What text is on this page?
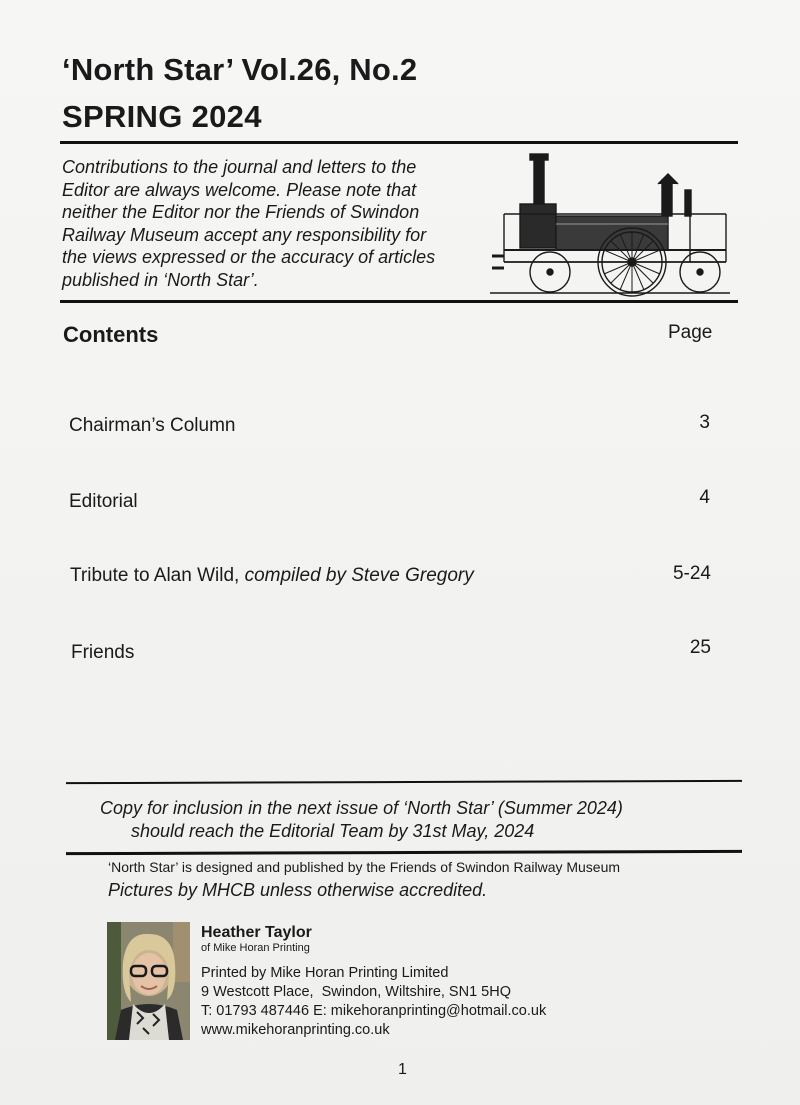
‘North Star’ Vol.26, No.2
SPRING 2024
Contributions to the journal and letters to the
Editor are always welcome. Please note that
neither the Editor nor the Friends of Swindon
Railway Museum accept any responsibility for
the views expressed or the accuracy of articles
published in ‘North Star’.
Contents	Page
Chairman’s Column	3
Editorial	4
Tribute to Alan Wild, compiled by Steve Gregory	5-24
Friends	25
Copy for inclusion in the next issue of ‘North Star’ (Summer 2024)
should reach the Editorial Team by 31st May, 2024
‘North Star’ is designed and published by the Friends of Swindon Railway Museum
Pictures by MHCB unless otherwise accredited.
Heather Taylor
of Mike Horan Printing
Printed by Mike Horan Printing Limited
9 Westcott Place,  Swindon, Wiltshire, SN1 5HQ
T: 01793 487446 E: mikehoranprinting@hotmail.co.uk
www.mikehoranprinting.co.uk
1
